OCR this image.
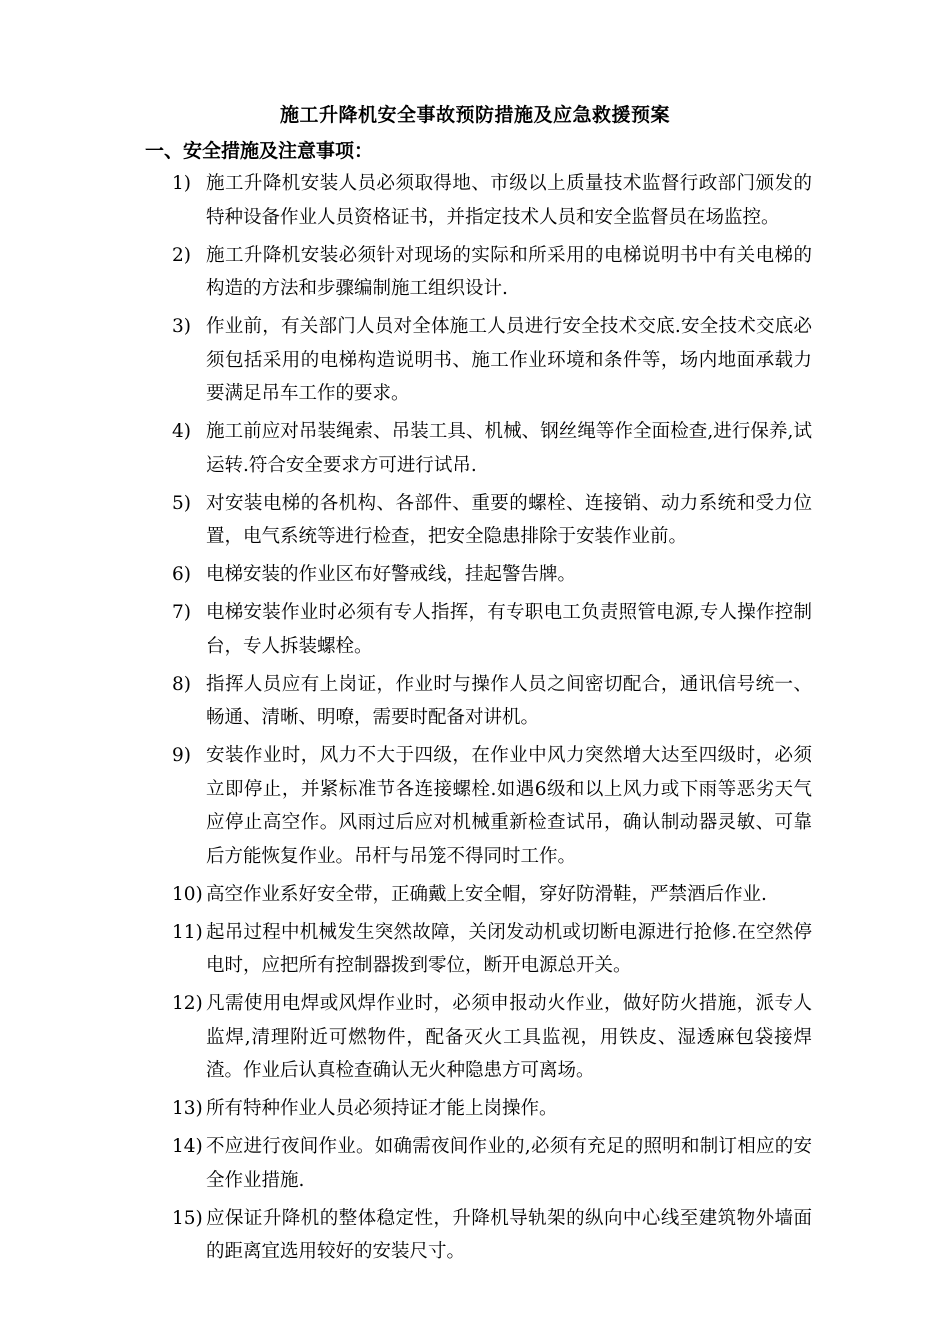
施工升降机安全事故预防措施及应急救援预案
一、安全措施及注意事项：
1) 施工升降机安装人员必须取得地、市级以上质量技术监督行政部门颁发的特种设备作业人员资格证书，并指定技术人员和安全监督员在场监控。
2) 施工升降机安装必须针对现场的实际和所采用的电梯说明书中有关电梯的构造的方法和步骤编制施工组织设计.
3) 作业前，有关部门人员对全体施工人员进行安全技术交底.安全技术交底必须包括采用的电梯构造说明书、施工作业环境和条件等，场内地面承载力要满足吊车工作的要求。
4) 施工前应对吊装绳索、吊装工具、机械、钢丝绳等作全面检查,进行保养,试运转.符合安全要求方可进行试吊.
5) 对安装电梯的各机构、各部件、重要的螺栓、连接销、动力系统和受力位置，电气系统等进行检查，把安全隐患排除于安装作业前。
6) 电梯安装的作业区布好警戒线，挂起警告牌。
7) 电梯安装作业时必须有专人指挥，有专职电工负责照管电源,专人操作控制台，专人拆装螺栓。
8) 指挥人员应有上岗证，作业时与操作人员之间密切配合，通讯信号统一、畅通、清晰、明嘹，需要时配备对讲机。
9) 安装作业时，风力不大于四级，在作业中风力突然增大达至四级时，必须立即停止，并紧标准节各连接螺栓.如遇6级和以上风力或下雨等恶劣天气应停止高空作。风雨过后应对机械重新检查试吊，确认制动器灵敏、可靠后方能恢复作业。吊杆与吊笼不得同时工作。
10) 高空作业系好安全带，正确戴上安全帽，穿好防滑鞋，严禁酒后作业.
11) 起吊过程中机械发生突然故障，关闭发动机或切断电源进行抢修.在空然停电时，应把所有控制器拨到零位，断开电源总开关。
12) 凡需使用电焊或风焊作业时，必须申报动火作业，做好防火措施，派专人监焊,清理附近可燃物件，配备灭火工具监视，用铁皮、湿透麻包袋接焊渣。作业后认真检查确认无火种隐患方可离场。
13) 所有特种作业人员必须持证才能上岗操作。
14) 不应进行夜间作业。如确需夜间作业的,必须有充足的照明和制订相应的安全作业措施.
15) 应保证升降机的整体稳定性，升降机导轨架的纵向中心线至建筑物外墙面的距离宜选用较好的安装尺寸。
